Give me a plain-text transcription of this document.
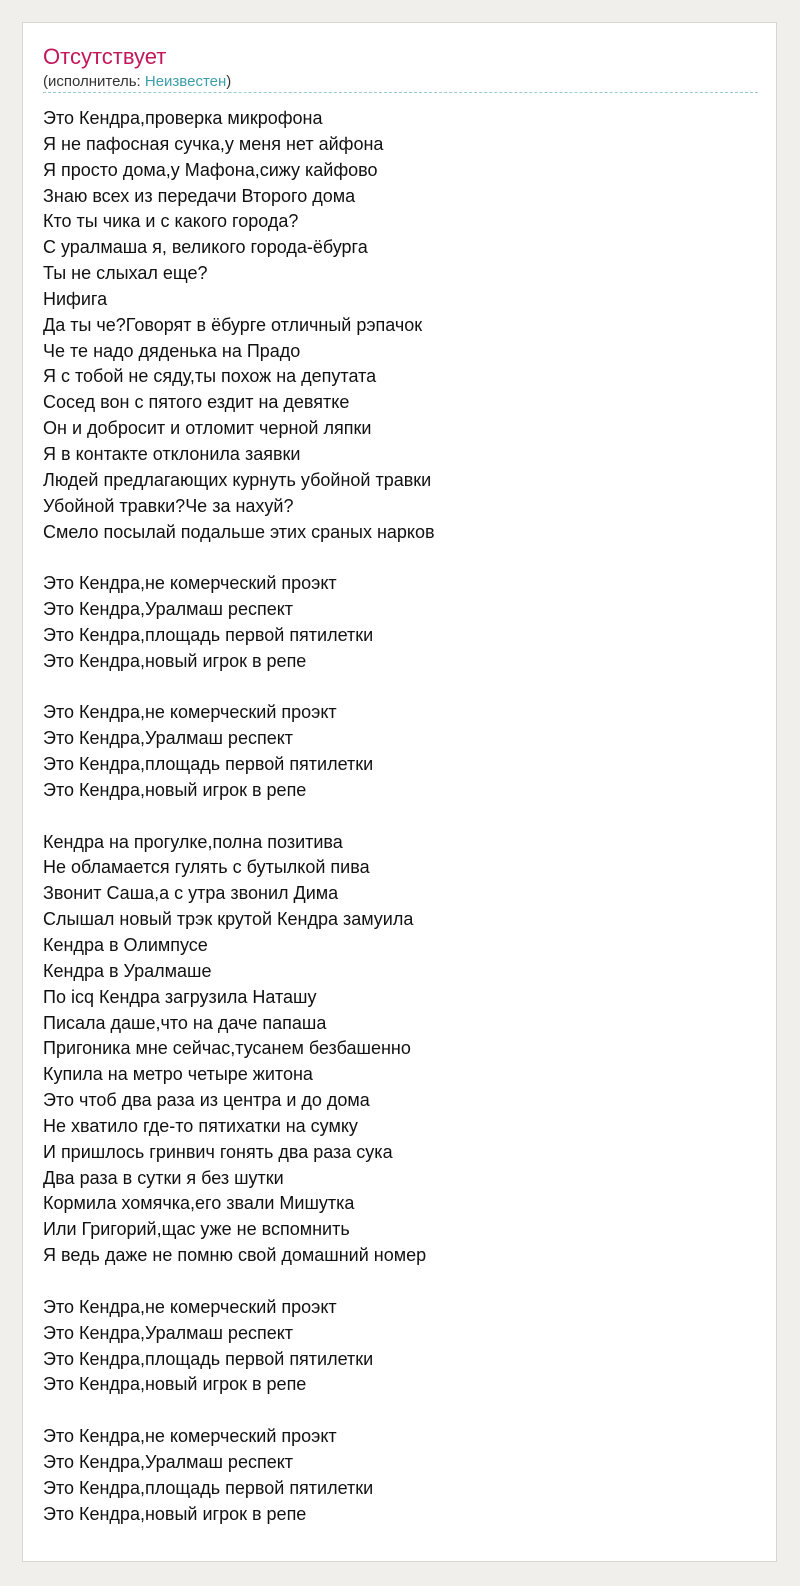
Отсутствует
(исполнитель: Неизвестен)
Это Кендра,проверка микрофона
Я не пафосная сучка,у меня нет айфона
Я просто дома,у Мафона,сижу кайфово
Знаю всех из передачи Второго дома
Кто ты чика и с какого города?
С уралмаша я, великого города-ёбурга
Ты не слыхал еще?
Нифига
Да ты че?Говорят в ёбурге отличный рэпачок
Че те надо дяденька на Прадо
Я с тобой не сяду,ты похож на депутата
Сосед вон с пятого ездит на девятке
Он и добросит и отломит черной ляпки
Я в контакте отклонила заявки
Людей предлагающих курнуть убойной травки
Убойной травки?Че за нахуй?
Смело посылай подальше этих сраных нарков
Это Кендра,не комерческий проэкт
Это Кендра,Уралмаш респект
Это Кендра,площадь первой пятилетки
Это Кендра,новый игрок в репе
Это Кендра,не комерческий проэкт
Это Кендра,Уралмаш респект
Это Кендра,площадь первой пятилетки
Это Кендра,новый игрок в репе
Кендра на прогулке,полна позитива
Не обламается гулять с бутылкой пива
Звонит Саша,а с утра звонил Дима
Слышал новый трэк крутой Кендра замуила
Кендра в Олимпусе
Кендра в Уралмаше
По icq Кендра загрузила Наташу
Писала даше,что на даче папаша
Пригоника мне сейчас,тусанем безбашенно
Купила на метро четыре житона
Это чтоб два раза из центра и до дома
Не хватило где-то пятихатки на сумку
И пришлось гринвич гонять два раза сука
Два раза в сутки я без шутки
Кормила хомячка,его звали Мишутка
Или Григорий,щас уже не вспомнить
Я ведь даже не помню свой домашний номер
Это Кендра,не комерческий проэкт
Это Кендра,Уралмаш респект
Это Кендра,площадь первой пятилетки
Это Кендра,новый игрок в репе
Это Кендра,не комерческий проэкт
Это Кендра,Уралмаш респект
Это Кендра,площадь первой пятилетки
Это Кендра,новый игрок в репе
